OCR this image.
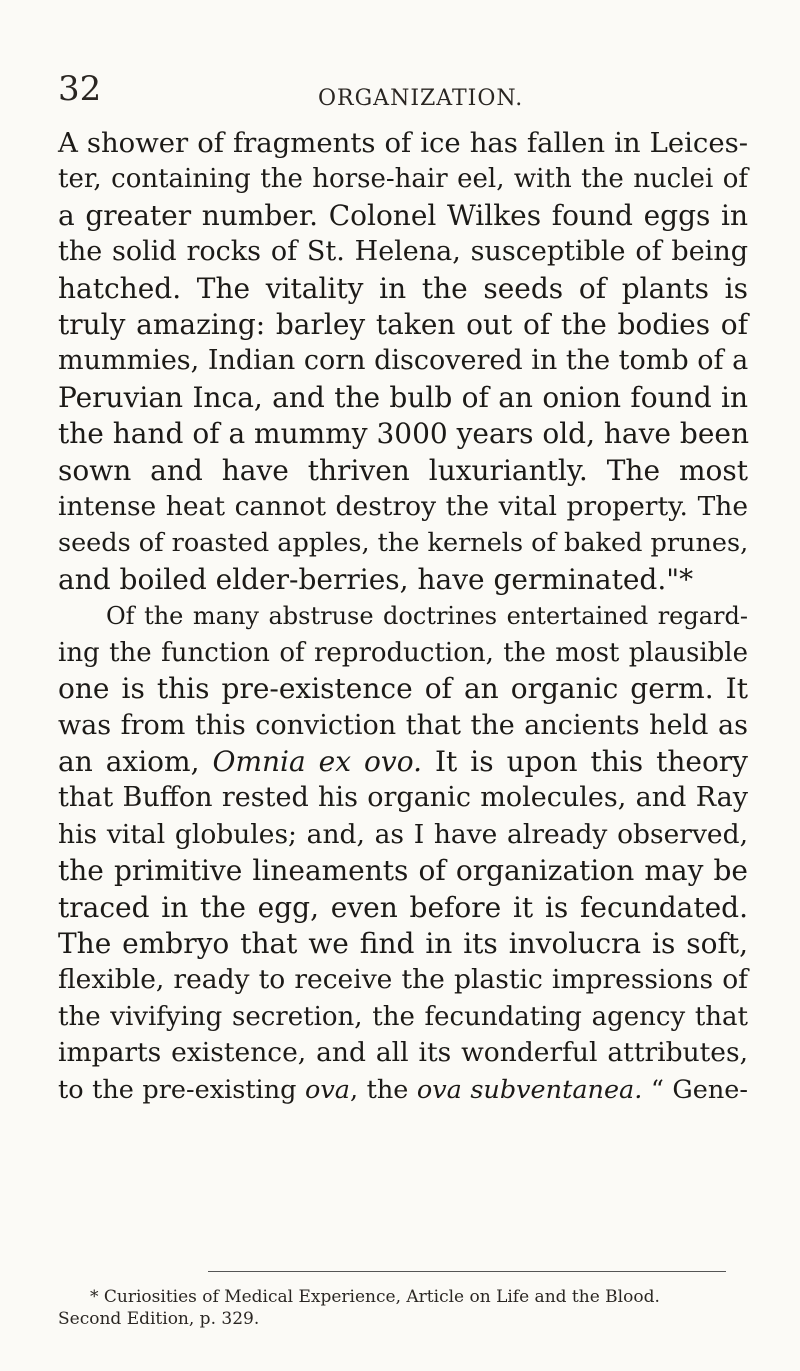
32	ORGANIZATION.
A shower of fragments of ice has fallen in Leices-
ter, containing the horse-hair eel, with the nuclei of
a greater number. Colonel Wilkes found eggs in
the solid rocks of St. Helena, susceptible of being
hatched. The vitality in the seeds of plants is
truly amazing: barley taken out of the bodies of
mummies, Indian corn discovered in the tomb of a
Peruvian Inca, and the bulb of an onion found in
the hand of a mummy 3000 years old, have been
sown and have thriven luxuriantly. The most
intense heat cannot destroy the vital property. The
seeds of roasted apples, the kernels of baked prunes,
and boiled elder-berries, have germinated."*
Of the many abstruse doctrines entertained regard-
ing the function of reproduction, the most plausible
one is this pre-existence of an organic germ. It
was from this conviction that the ancients held as
an axiom, Omnia ex ovo. It is upon this theory
that Buffon rested his organic molecules, and Ray
his vital globules; and, as I have already observed,
the primitive lineaments of organization may be
traced in the egg, even before it is fecundated.
The embryo that we find in its involucra is soft,
flexible, ready to receive the plastic impressions of
the vivifying secretion, the fecundating agency that
imparts existence, and all its wonderful attributes,
to the pre-existing ova, the ova subventanea. “ Gene-
* Curiosities of Medical Experience, Article on Life and the Blood.
Second Edition, p. 329.
